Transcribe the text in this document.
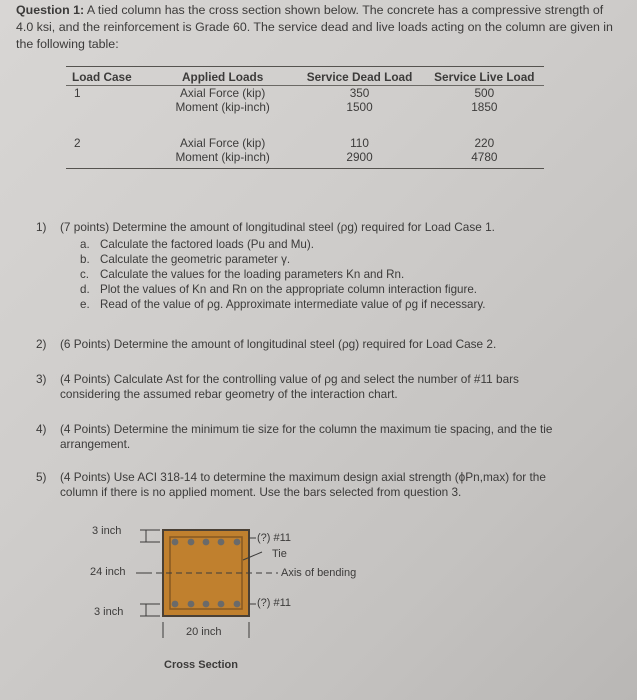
Question 1: A tied column has the cross section shown below. The concrete has a compressive strength of 4.0 ksi, and the reinforcement is Grade 60. The service dead and live loads acting on the column are given in the following table:
Load Case	Applied Loads	Service Dead Load	Service Live Load
1	Axial Force (kip)	350	500
	Moment (kip-inch)	1500	1850
2	Axial Force (kip)	110	220
	Moment (kip-inch)	2900	4780
1) (7 points) Determine the amount of longitudinal steel (ρg) required for Load Case 1.
a. Calculate the factored loads (Pu and Mu).
b. Calculate the geometric parameter γ.
c. Calculate the values for the loading parameters Kn and Rn.
d. Plot the values of Kn and Rn on the appropriate column interaction figure.
e. Read of the value of ρg. Approximate intermediate value of ρg if necessary.
2) (6 Points) Determine the amount of longitudinal steel (ρg) required for Load Case 2.
3)	(4 Points) Calculate Ast for the controlling value of ρg and select the number of #11 bars considering the assumed rebar geometry of the interaction chart.
4)	(4 Points) Determine the minimum tie size for the column the maximum tie spacing, and the tie arrangement.
5)	(4 Points) Use ACI 318-14 to determine the maximum design axial strength (ϕPn,max) for the column if there is no applied moment. Use the bars selected from question 3.
3 inch
24 inch
3 inch
(?) #11
Tie
Axis of bending
(?) #11
20 inch
Cross Section
